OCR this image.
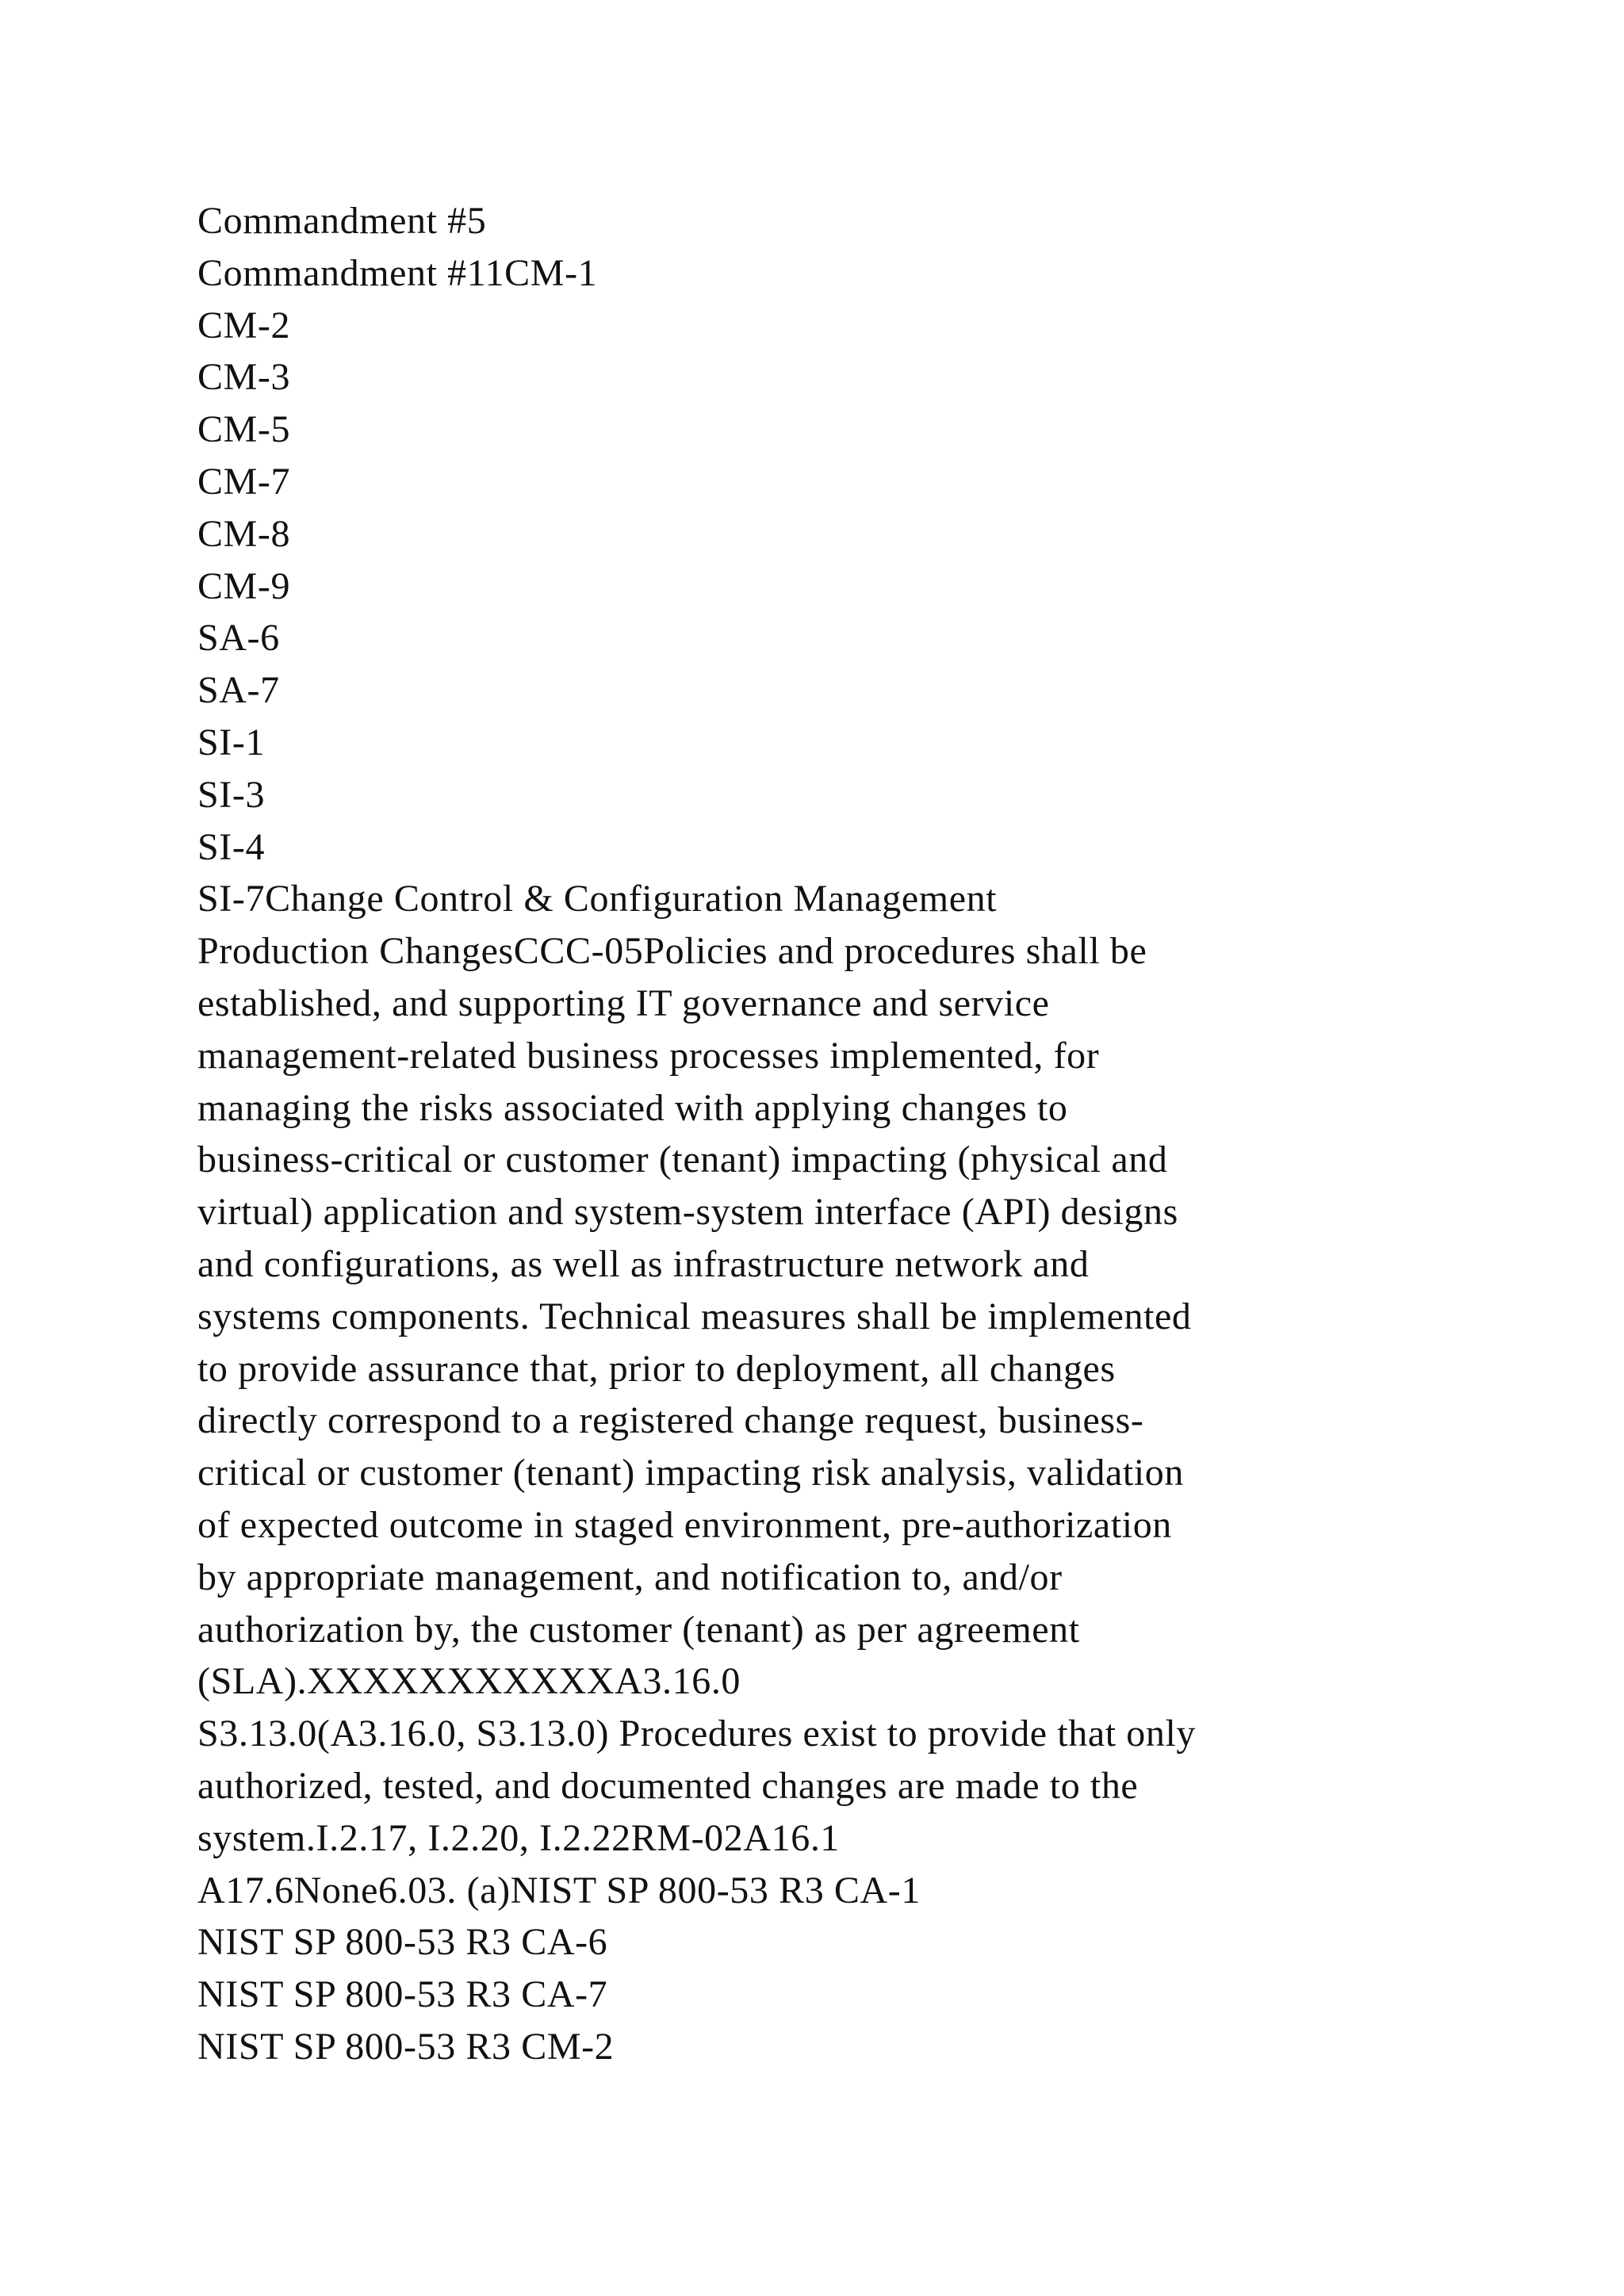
Commandment #5
Commandment #11CM-1
CM-2
CM-3
CM-5
CM-7
CM-8
CM-9
SA-6
SA-7
SI-1
SI-3
SI-4
SI-7Change Control & Configuration Management
Production ChangesCCC-05Policies and procedures shall be
established, and supporting IT governance and service
management-related business processes implemented, for
managing the risks associated with applying changes to
business-critical or customer (tenant) impacting (physical and
virtual) application and system-system interface (API) designs
and configurations, as well as infrastructure network and
systems components. Technical measures shall be implemented
to provide assurance that, prior to deployment, all changes
directly correspond to a registered change request, business-
critical or customer (tenant) impacting risk analysis, validation
of expected outcome in staged environment, pre-authorization
by appropriate management, and notification to, and/or
authorization by, the customer (tenant) as per agreement
(SLA).XXXXXXXXXXXA3.16.0
S3.13.0(A3.16.0, S3.13.0) Procedures exist to provide that only
authorized, tested, and documented changes are made to the
system.I.2.17, I.2.20, I.2.22RM-02A16.1
A17.6None6.03. (a)NIST SP 800-53 R3 CA-1
NIST SP 800-53 R3 CA-6
NIST SP 800-53 R3 CA-7
NIST SP 800-53 R3 CM-2
